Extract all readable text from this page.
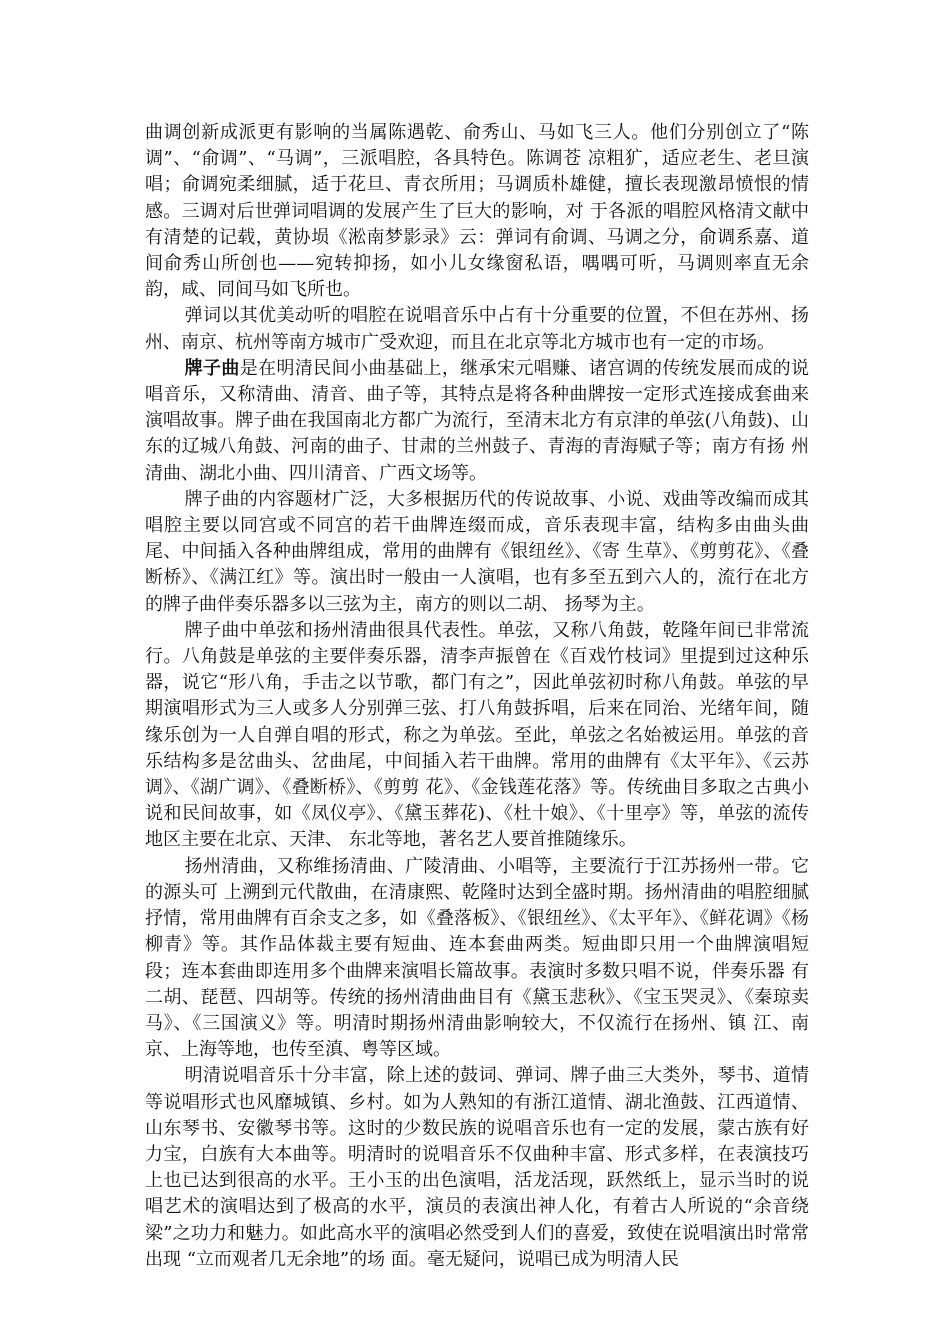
曲调创新成派更有影响的当属陈遇乾、俞秀山、马如飞三人。他们分别创立了“陈调”、“俞调”、“马调”，三派唱腔，各具特色。陈调苍 凉粗犷，适应老生、老旦演唱；俞调宛柔细腻，适于花旦、青衣所用；马调质朴雄健，擅长表现激昂愤恨的情感。三调对后世弹词唱调的发展产生了巨大的影响，对 于各派的唱腔风格清文献中有清楚的记载，黄协埙《淞南梦影录》云：弹词有俞调、马调之分，俞调系嘉、道间俞秀山所创也——宛转抑扬，如小儿女缘窗私语，喁喁可听，马调则率直无余韵，咸、同间马如飞所也。

弹词以其优美动听的唱腔在说唱音乐中占有十分重要的位置，不但在苏州、扬州、南京、杭州等南方城市广受欢迎，而且在北京等北方城市也有一定的市场。

牌子曲是在明清民间小曲基础上，继承宋元唱赚、诸宫调的传统发展而成的说唱音乐，又称清曲、清音、曲子等，其特点是将各种曲牌按一定形式连接成套曲来演唱故事。牌子曲在我国南北方都广为流行，至清末北方有京津的单弦(八角鼓)、山东的辽城八角鼓、河南的曲子、甘肃的兰州鼓子、青海的青海赋子等；南方有扬 州清曲、湖北小曲、四川清音、广西文场等。

牌子曲的内容题材广泛，大多根据历代的传说故事、小说、戏曲等改编而成其唱腔主要以同宫或不同宫的若干曲牌连缀而成，音乐表现丰富，结构多由曲头曲尾、中间插入各种曲牌组成，常用的曲牌有《银纽丝》、《寄 生草》、《剪剪花》、《叠断桥》、《满江红》等。演出时一般由一人演唱，也有多至五到六人的，流行在北方的牌子曲伴奏乐器多以三弦为主，南方的则以二胡、 扬琴为主。

牌子曲中单弦和扬州清曲很具代表性。单弦，又称八角鼓，乾隆年间已非常流行。八角鼓是单弦的主要伴奏乐器，清李声振曾在《百戏竹枝词》里提到过这种乐器，说它“形八角，手击之以节歌，都门有之”，因此单弦初时称八角鼓。单弦的早期演唱形式为三人或多人分别弹三弦、打八角鼓拆唱，后来在同治、光绪年间，随缘乐创为一人自弹自唱的形式，称之为单弦。至此，单弦之名始被运用。单弦的音乐结构多是岔曲头、岔曲尾，中间插入若干曲牌。常用的曲牌有《太平年》、《云苏调》、《湖广调》、《叠断桥》、《剪剪 花》、《金钱莲花落》等。传统曲目多取之古典小说和民间故事，如《凤仪亭》、《黛玉葬花)、《杜十娘》、《十里亭》等，单弦的流传地区主要在北京、天津、 东北等地，著名艺人要首推随缘乐。

扬州清曲，又称维扬清曲、广陵清曲、小唱等，主要流行于江苏扬州一带。它的源头可 上溯到元代散曲，在清康熙、乾隆时达到全盛时期。扬州清曲的唱腔细腻抒情，常用曲牌有百余支之多，如《叠落板》、《银纽丝》、《太平年》、《鲜花调》《杨柳青》等。其作品体裁主要有短曲、连本套曲两类。短曲即只用一个曲牌演唱短段；连本套曲即连用多个曲牌来演唱长篇故事。表演时多数只唱不说，伴奏乐器 有二胡、琵琶、四胡等。传统的扬州清曲曲目有《黛玉悲秋》、《宝玉哭灵》、《秦琼卖马》、《三国演义》等。明清时期扬州清曲影响较大，不仅流行在扬州、镇 江、南京、上海等地，也传至滇、粤等区域。

明清说唱音乐十分丰富，除上述的鼓词、弹词、牌子曲三大类外，琴书、道情等说唱形式也风靡城镇、乡村。如为人熟知的有浙江道情、湖北渔鼓、江西道情、山东琴书、安徽琴书等。这时的少数民族的说唱音乐也有一定的发展，蒙古族有好力宝，白族有大本曲等。明清时的说唱音乐不仅曲种丰富、形式多样，在表演技巧上也已达到很高的水平。王小玉的出色演唱，活龙活现，跃然纸上，显示当时的说唱艺术的演唱达到了极高的水平，演员的表演出神人化，有着古人所说的“余音绕梁”之功力和魅力。如此高水平的演唱必然受到人们的喜爱，致使在说唱演出时常常出现 “立而观者几无余地”的场 面。毫无疑问，说唱已成为明清人民
